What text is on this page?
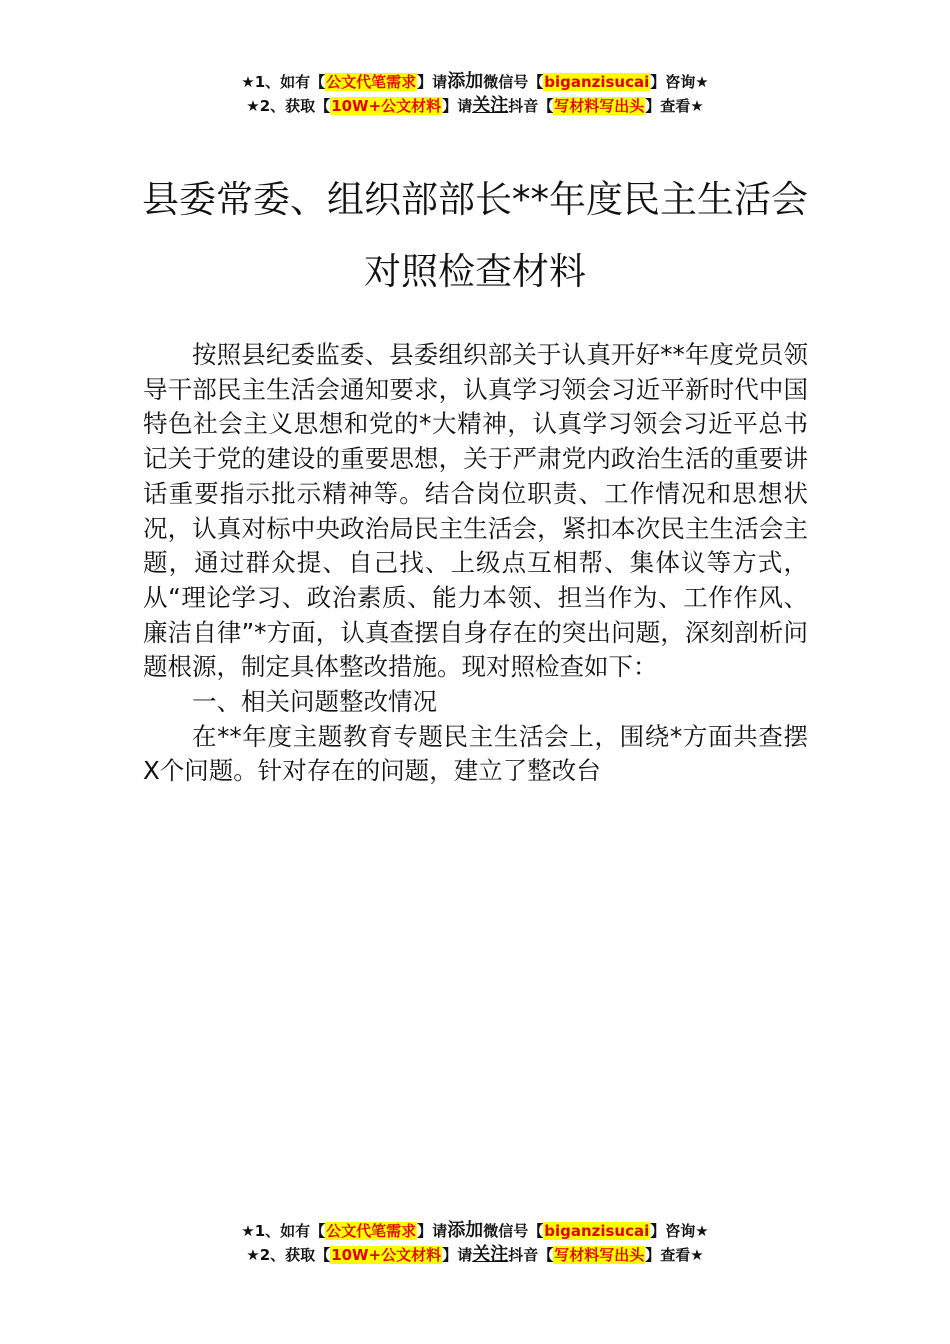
★1、如有【公文代笔需求】请添加微信号【biganzisucai】咨询★
★2、获取【10W+公文材料】请关注抖音【写材料写出头】查看★
县委常委、组织部部长**年度民主生活会
对照检查材料

按照县纪委监委、县委组织部关于认真开好**年度党员领导干部民主生活会通知要求，认真学习领会习近平新时代中国特色社会主义思想和党的*大精神，认真学习领会习近平总书记关于党的建设的重要思想，关于严肃党内政治生活的重要讲话重要指示批示精神等。结合岗位职责、工作情况和思想状况，认真对标中央政治局民主生活会，紧扣本次民主生活会主题，通过群众提、自己找、上级点互相帮、集体议等方式，从“理论学习、政治素质、能力本领、担当作为、工作作风、廉洁自律”*方面，认真查摆自身存在的突出问题，深刻剖析问题根源，制定具体整改措施。现对照检查如下：

一、相关问题整改情况

在**年度主题教育专题民主生活会上，围绕*方面共查摆X个问题。针对存在的问题，建立了整改台

★1、如有【公文代笔需求】请添加微信号【biganzisucai】咨询★
★2、获取【10W+公文材料】请关注抖音【写材料写出头】查看★
